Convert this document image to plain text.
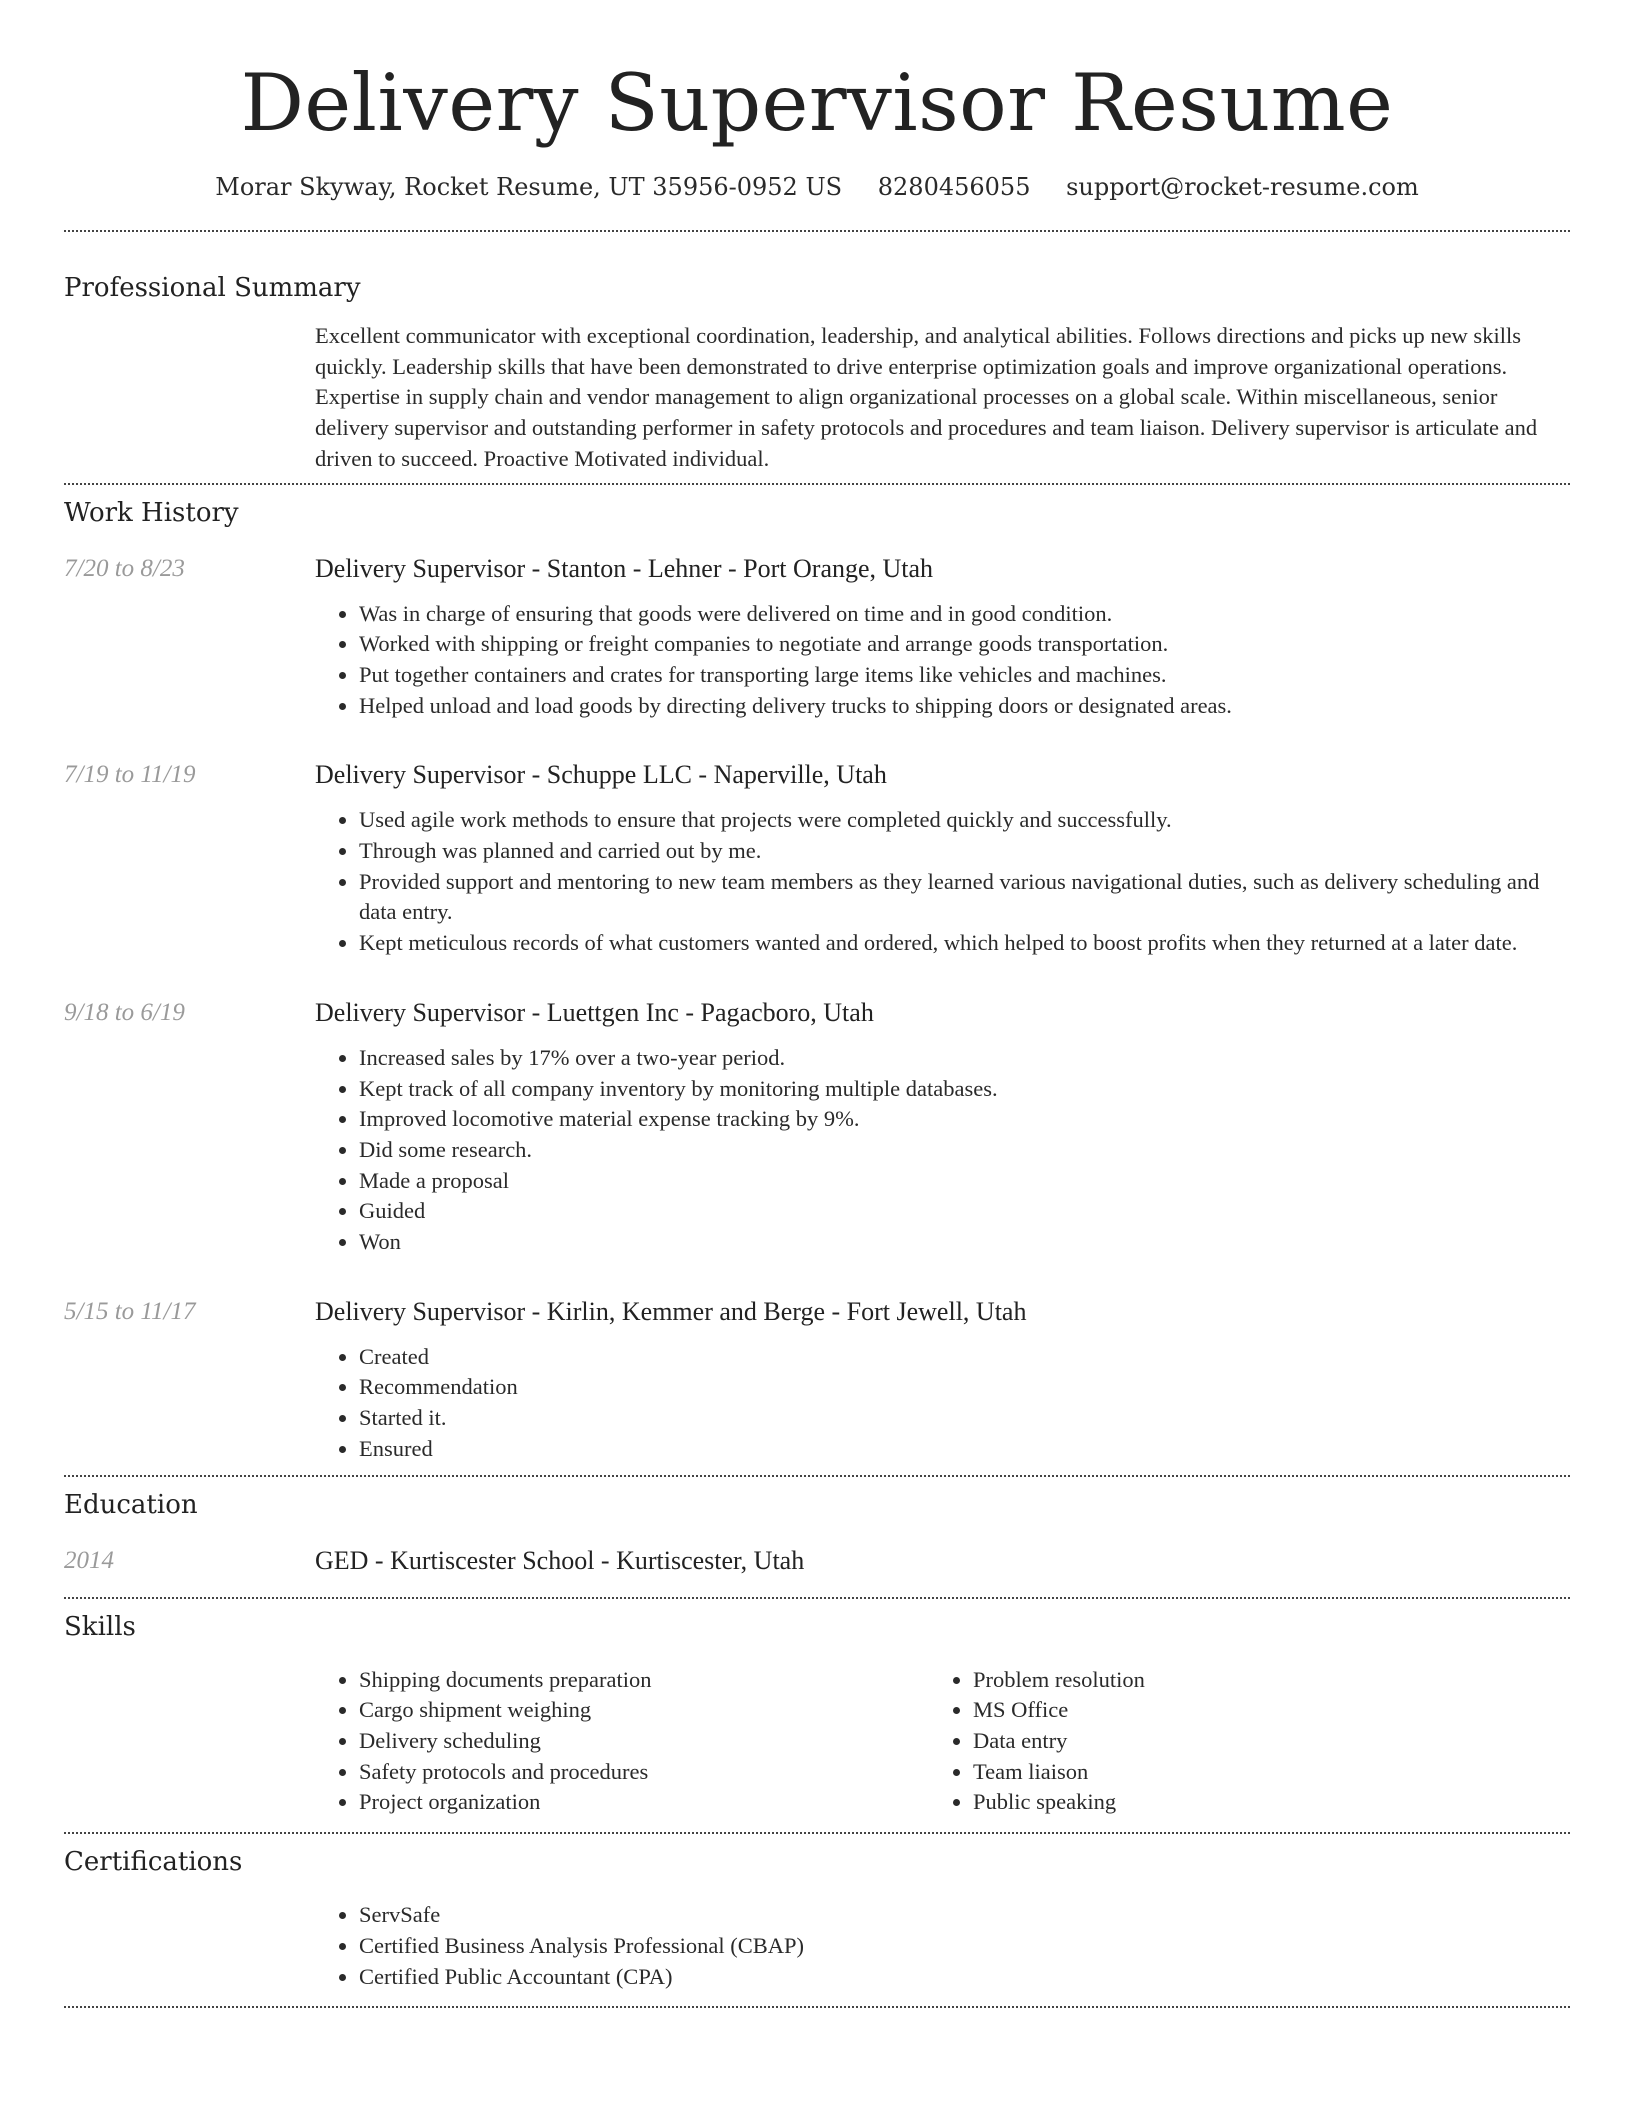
Delivery Supervisor Resume
Morar Skyway, Rocket Resume, UT 35956-0952 US 8280456055 support@rocket-resume.com
Professional Summary
Excellent communicator with exceptional coordination, leadership, and analytical abilities. Follows directions and picks up new skills quickly. Leadership skills that have been demonstrated to drive enterprise optimization goals and improve organizational operations. Expertise in supply chain and vendor management to align organizational processes on a global scale. Within miscellaneous, senior delivery supervisor and outstanding performer in safety protocols and procedures and team liaison. Delivery supervisor is articulate and driven to succeed. Proactive Motivated individual.
Work History
7/20 to 8/23	Delivery Supervisor - Stanton - Lehner - Port Orange, Utah
• Was in charge of ensuring that goods were delivered on time and in good condition.
• Worked with shipping or freight companies to negotiate and arrange goods transportation.
• Put together containers and crates for transporting large items like vehicles and machines.
• Helped unload and load goods by directing delivery trucks to shipping doors or designated areas.
7/19 to 11/19	Delivery Supervisor - Schuppe LLC - Naperville, Utah
• Used agile work methods to ensure that projects were completed quickly and successfully.
• Through was planned and carried out by me.
• Provided support and mentoring to new team members as they learned various navigational duties, such as delivery scheduling and data entry.
• Kept meticulous records of what customers wanted and ordered, which helped to boost profits when they returned at a later date.
9/18 to 6/19	Delivery Supervisor - Luettgen Inc - Pagacboro, Utah
• Increased sales by 17% over a two-year period.
• Kept track of all company inventory by monitoring multiple databases.
• Improved locomotive material expense tracking by 9%.
• Did some research.
• Made a proposal
• Guided
• Won
5/15 to 11/17	Delivery Supervisor - Kirlin, Kemmer and Berge - Fort Jewell, Utah
• Created
• Recommendation
• Started it.
• Ensured
Education
2014	GED - Kurtiscester School - Kurtiscester, Utah
Skills
• Shipping documents preparation
• Cargo shipment weighing
• Delivery scheduling
• Safety protocols and procedures
• Project organization
• Problem resolution
• MS Office
• Data entry
• Team liaison
• Public speaking
Certifications
• ServSafe
• Certified Business Analysis Professional (CBAP)
• Certified Public Accountant (CPA)
